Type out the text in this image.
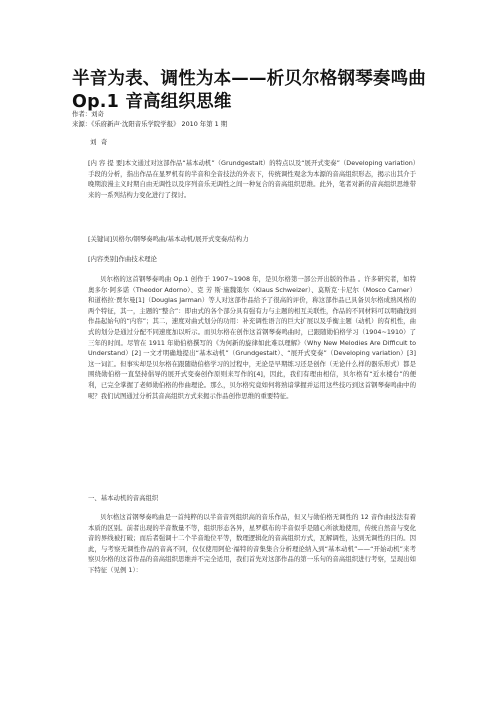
半音为表、调性为本——析贝尔格钢琴奏鸣曲 Op.1 音高组织思维
作者：刘奇
来源：《乐府新声·沈阳音乐学院学报》 2010 年第 1 期
刘 奇
[内 容 提 要]本文通过对这部作品“基本动机”（Grundgestalt）的特点以及“展开式变奏”（Developing variation）手段的分析，指出作品在显罗机有的半音和全音技法的外表下，传统调性观念为本源的音高组织形态，揭示出其介于晚期浪漫主义时期自由无调性以及序列音乐无调性之间一种复合的音高组织思维。此外，笔者对新的音高组织思维带来的一系列结构力变化进行了探讨。
[关键词]贝格尔/钢琴奏鸣曲/基本动机/展开式变奏/结构力
[内容类别]作曲技术理论
贝尔格的这首钢琴奏鸣曲 Op.1 创作于 1907~1908 年，是贝尔格第一部公开出版的作品 。许多研究者，如特奥多尔·阿多诺（Theodor Adorno）、克 芳 斯·施魏策尔（Klaus Schweizer）、莫斯克·卡尼尔（Mosco Carner）和道格拉·贾尔曼[1]（Douglas Jarman）等人对这部作品给予了很高的评价，称这部作品已具备贝尔格成熟风格的两个特征，其一，主题的“整合”：即由式的各个部分具有强有力与主题的相互关联性，作品的不同材料可以明确找到作品起始句的“内容”；其二，速度对曲式划分的功用：补充调性语言的巨大扩展以及乎衡主题（动机）的有机性，曲式的划分是通过分配不同速度加以听示。而贝尔格在创作这首钢琴奏鸣曲时，已跟随勋伯格学习（1904~1910）了三年的时间。尽管在 1911 年勋伯格撰写的《为何新的旋律如此难以理解》（Why New Melodies Are Difficult to Understand）[2] 一文才明确地提出“基本动机”（Grundgestalt）、“展开式变奏”（Developing variation）[3] 这一词汇。但事实却是贝尔格在跟随勋伯格学习的过程中，无论是早期练习还是创作（无论什么样的器乐形式）都是围绕勋伯格一直坚持倡导的展开式变奏创作原则来写作的[4]，因此，我们有理由相信，贝尔格有“近水楼台”的便利，已完全掌握了老师勋伯格的作曲理论。那么，贝尔格究竟如何将熟谙掌握并运用这些技巧到这首钢琴奏鸣曲中的呢？我们试图通过分析其音高组织方式来揭示作品创作思维的重要特征。
一、基本动机的音高组织
贝尔格这首钢琴奏鸣曲是一首纯粹的以半音音列组织高的音乐作品，但又与勋伯格无调性的 12 音作曲技法有着本质的区别。前者出现的半音数量不等，组织形态各异，星罗棋布的半音似乎是随心所欲地使用，传统自然音与变化音的界线被打破；而后者强调十二个半音地位平等，数理逻辑化的音高组织方式，瓦解调性，达到无调性的目的。因此，与考察无调性作品的音高不同，仅仅使用阿伦·福特的音集集合分析理论纳入到“基本动机”——“开始动机”来考察贝尔格的这首作品的音高组织思维并不完全适用，我们首先对这部作品的第一乐句的音高组织进行考察，呈现出如下特征（见例 1）：
